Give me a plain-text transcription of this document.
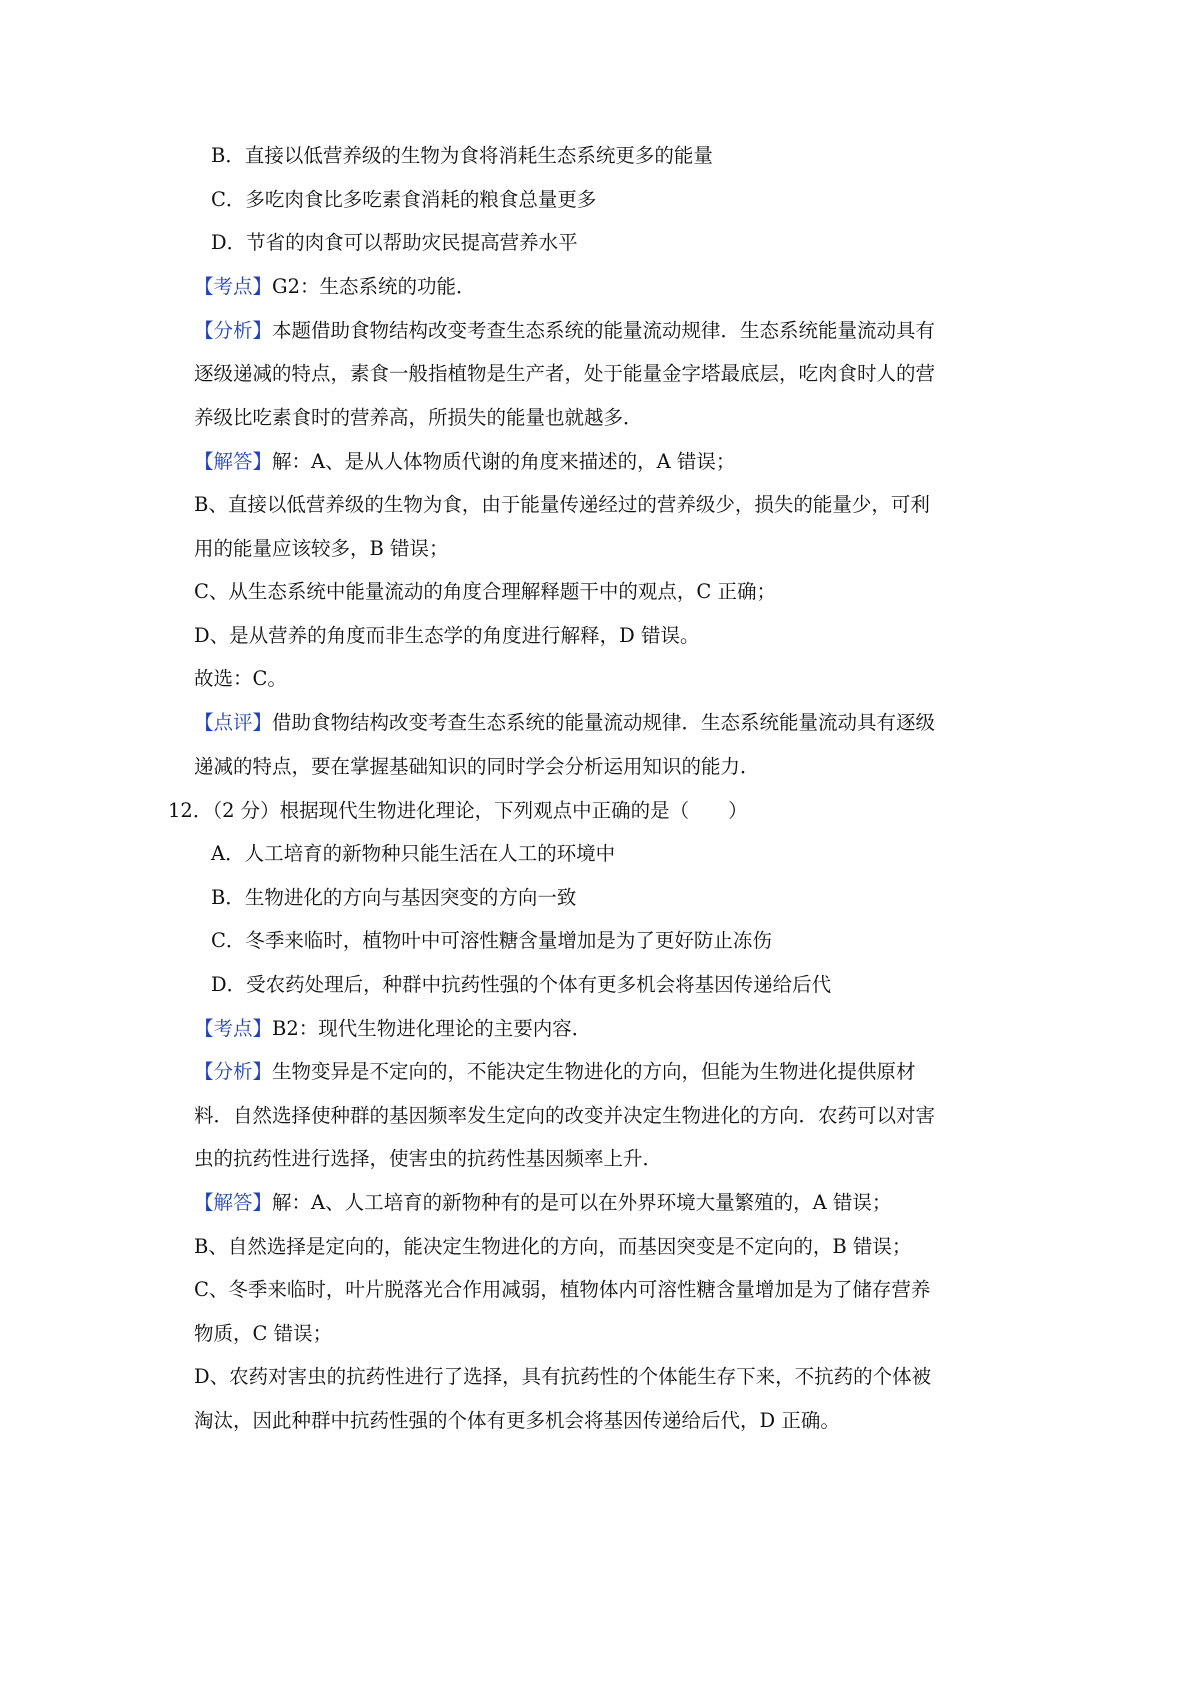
B．直接以低营养级的生物为食将消耗生态系统更多的能量
C．多吃肉食比多吃素食消耗的粮食总量更多
D．节省的肉食可以帮助灾民提高营养水平
【考点】G2：生态系统的功能．
【分析】本题借助食物结构改变考查生态系统的能量流动规律．生态系统能量流动具有
逐级递减的特点，素食一般指植物是生产者，处于能量金字塔最底层，吃肉食时人的营
养级比吃素食时的营养高，所损失的能量也就越多．
【解答】解：A、是从人体物质代谢的角度来描述的，A 错误；
B、直接以低营养级的生物为食，由于能量传递经过的营养级少，损失的能量少，可利
用的能量应该较多，B 错误；
C、从生态系统中能量流动的角度合理解释题干中的观点，C 正确；
D、是从营养的角度而非生态学的角度进行解释，D 错误。
故选：C。
【点评】借助食物结构改变考查生态系统的能量流动规律．生态系统能量流动具有逐级
递减的特点，要在掌握基础知识的同时学会分析运用知识的能力．
12．（2 分）根据现代生物进化理论，下列观点中正确的是（　　）
A．人工培育的新物种只能生活在人工的环境中
B．生物进化的方向与基因突变的方向一致
C．冬季来临时，植物叶中可溶性糖含量增加是为了更好防止冻伤
D．受农药处理后，种群中抗药性强的个体有更多机会将基因传递给后代
【考点】B2：现代生物进化理论的主要内容．
【分析】生物变异是不定向的，不能决定生物进化的方向，但能为生物进化提供原材
料．自然选择使种群的基因频率发生定向的改变并决定生物进化的方向．农药可以对害
虫的抗药性进行选择，使害虫的抗药性基因频率上升．
【解答】解：A、人工培育的新物种有的是可以在外界环境大量繁殖的，A 错误；
B、自然选择是定向的，能决定生物进化的方向，而基因突变是不定向的，B 错误；
C、冬季来临时，叶片脱落光合作用减弱，植物体内可溶性糖含量增加是为了储存营养
物质，C 错误；
D、农药对害虫的抗药性进行了选择，具有抗药性的个体能生存下来，不抗药的个体被
淘汰，因此种群中抗药性强的个体有更多机会将基因传递给后代，D 正确。
